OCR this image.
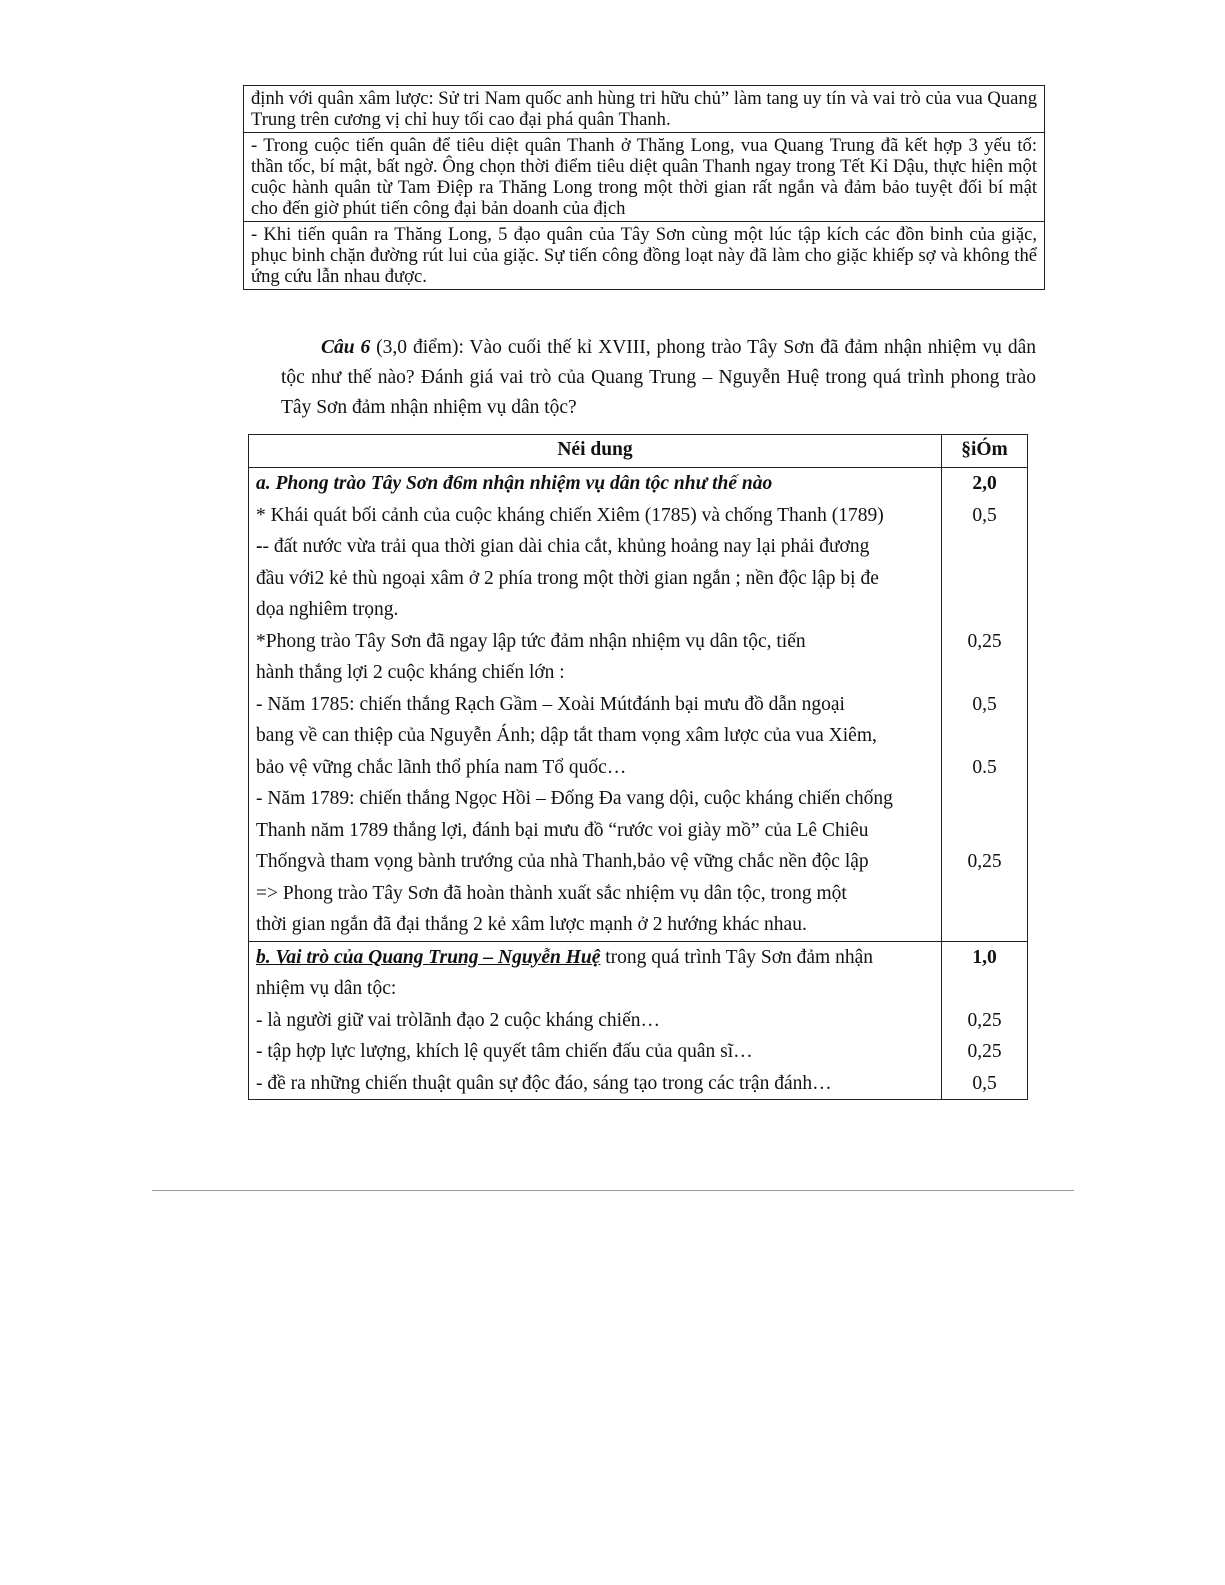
định với quân xâm lược: Sử tri Nam quốc anh hùng tri hữu chủ” làm tang uy tín và vai trò của vua Quang Trung trên cương vị chỉ huy tối cao đại phá quân Thanh.
- Trong cuộc tiến quân để tiêu diệt quân Thanh ở Thăng Long, vua Quang Trung đã kết hợp 3 yếu tố: thần tốc, bí mật, bất ngờ. Ông chọn thời điểm tiêu diệt quân Thanh ngay trong Tết Kỉ Dậu, thực hiện một cuộc hành quân từ Tam Điệp ra Thăng Long trong một thời gian rất ngắn và đảm bảo tuyệt đối bí mật cho đến giờ phút tiến công đại bản doanh của địch
- Khi tiến quân ra Thăng Long, 5 đạo quân của Tây Sơn cùng một lúc tập kích các đồn binh của giặc, phục binh chặn đường rút lui của giặc. Sự tiến công đồng loạt này đã làm cho giặc khiếp sợ và không thể ứng cứu lẫn nhau được.
Câu 6 (3,0 điểm): Vào cuối thế kỉ XVIII, phong trào Tây Sơn đã đảm nhận nhiệm vụ dân tộc như thế nào? Đánh giá vai trò của Quang Trung – Nguyễn Huệ trong quá trình phong trào Tây Sơn đảm nhận nhiệm vụ dân tộc?
Néi dung	§iÓm
a. Phong trào Tây Sơn đ6m nhận nhiệm vụ dân tộc như thế nào
* Khái quát bối cảnh của cuộc kháng chiến Xiêm (1785) và chống Thanh (1789)
-- đất nước vừa trải qua thời gian dài chia cắt, khủng hoảng nay lại phải đương
đầu với2 kẻ thù ngoại xâm ở 2 phía trong một thời gian ngắn ; nền độc lập bị đe
dọa nghiêm trọng.
*Phong trào Tây Sơn đã ngay lập tức đảm nhận nhiệm vụ dân tộc, tiến
hành thắng lợi 2 cuộc kháng chiến lớn :
- Năm 1785: chiến thắng Rạch Gầm – Xoài Mútđánh bại mưu đồ dẫn ngoại
bang về can thiệp của Nguyễn Ánh; dập tắt tham vọng xâm lược của vua Xiêm,
bảo vệ vững chắc lãnh thổ phía nam Tổ quốc…
- Năm 1789: chiến thắng Ngọc Hồi – Đống Đa vang dội, cuộc kháng chiến chống
Thanh năm 1789 thắng lợi, đánh bại mưu đồ “rước voi giày mồ” của Lê Chiêu
Thốngvà tham vọng bành trướng của nhà Thanh,bảo vệ vững chắc nền độc lập
=> Phong trào Tây Sơn đã hoàn thành xuất sắc nhiệm vụ dân tộc, trong một
thời gian ngắn đã đại thắng 2 kẻ xâm lược mạnh ở 2 hướng khác nhau.
2,0
0,5
0,25
0,5
0.5
0,25
b. Vai trò của Quang Trung – Nguyễn Huệ trong quá trình Tây Sơn đảm nhận
nhiệm vụ dân tộc:
- là người giữ vai tròlãnh đạo 2 cuộc kháng chiến…
- tập hợp lực lượng, khích lệ quyết tâm chiến đấu của quân sĩ…
- đề ra những chiến thuật quân sự độc đáo, sáng tạo trong các trận đánh…
1,0
0,25
0,25
0,5
